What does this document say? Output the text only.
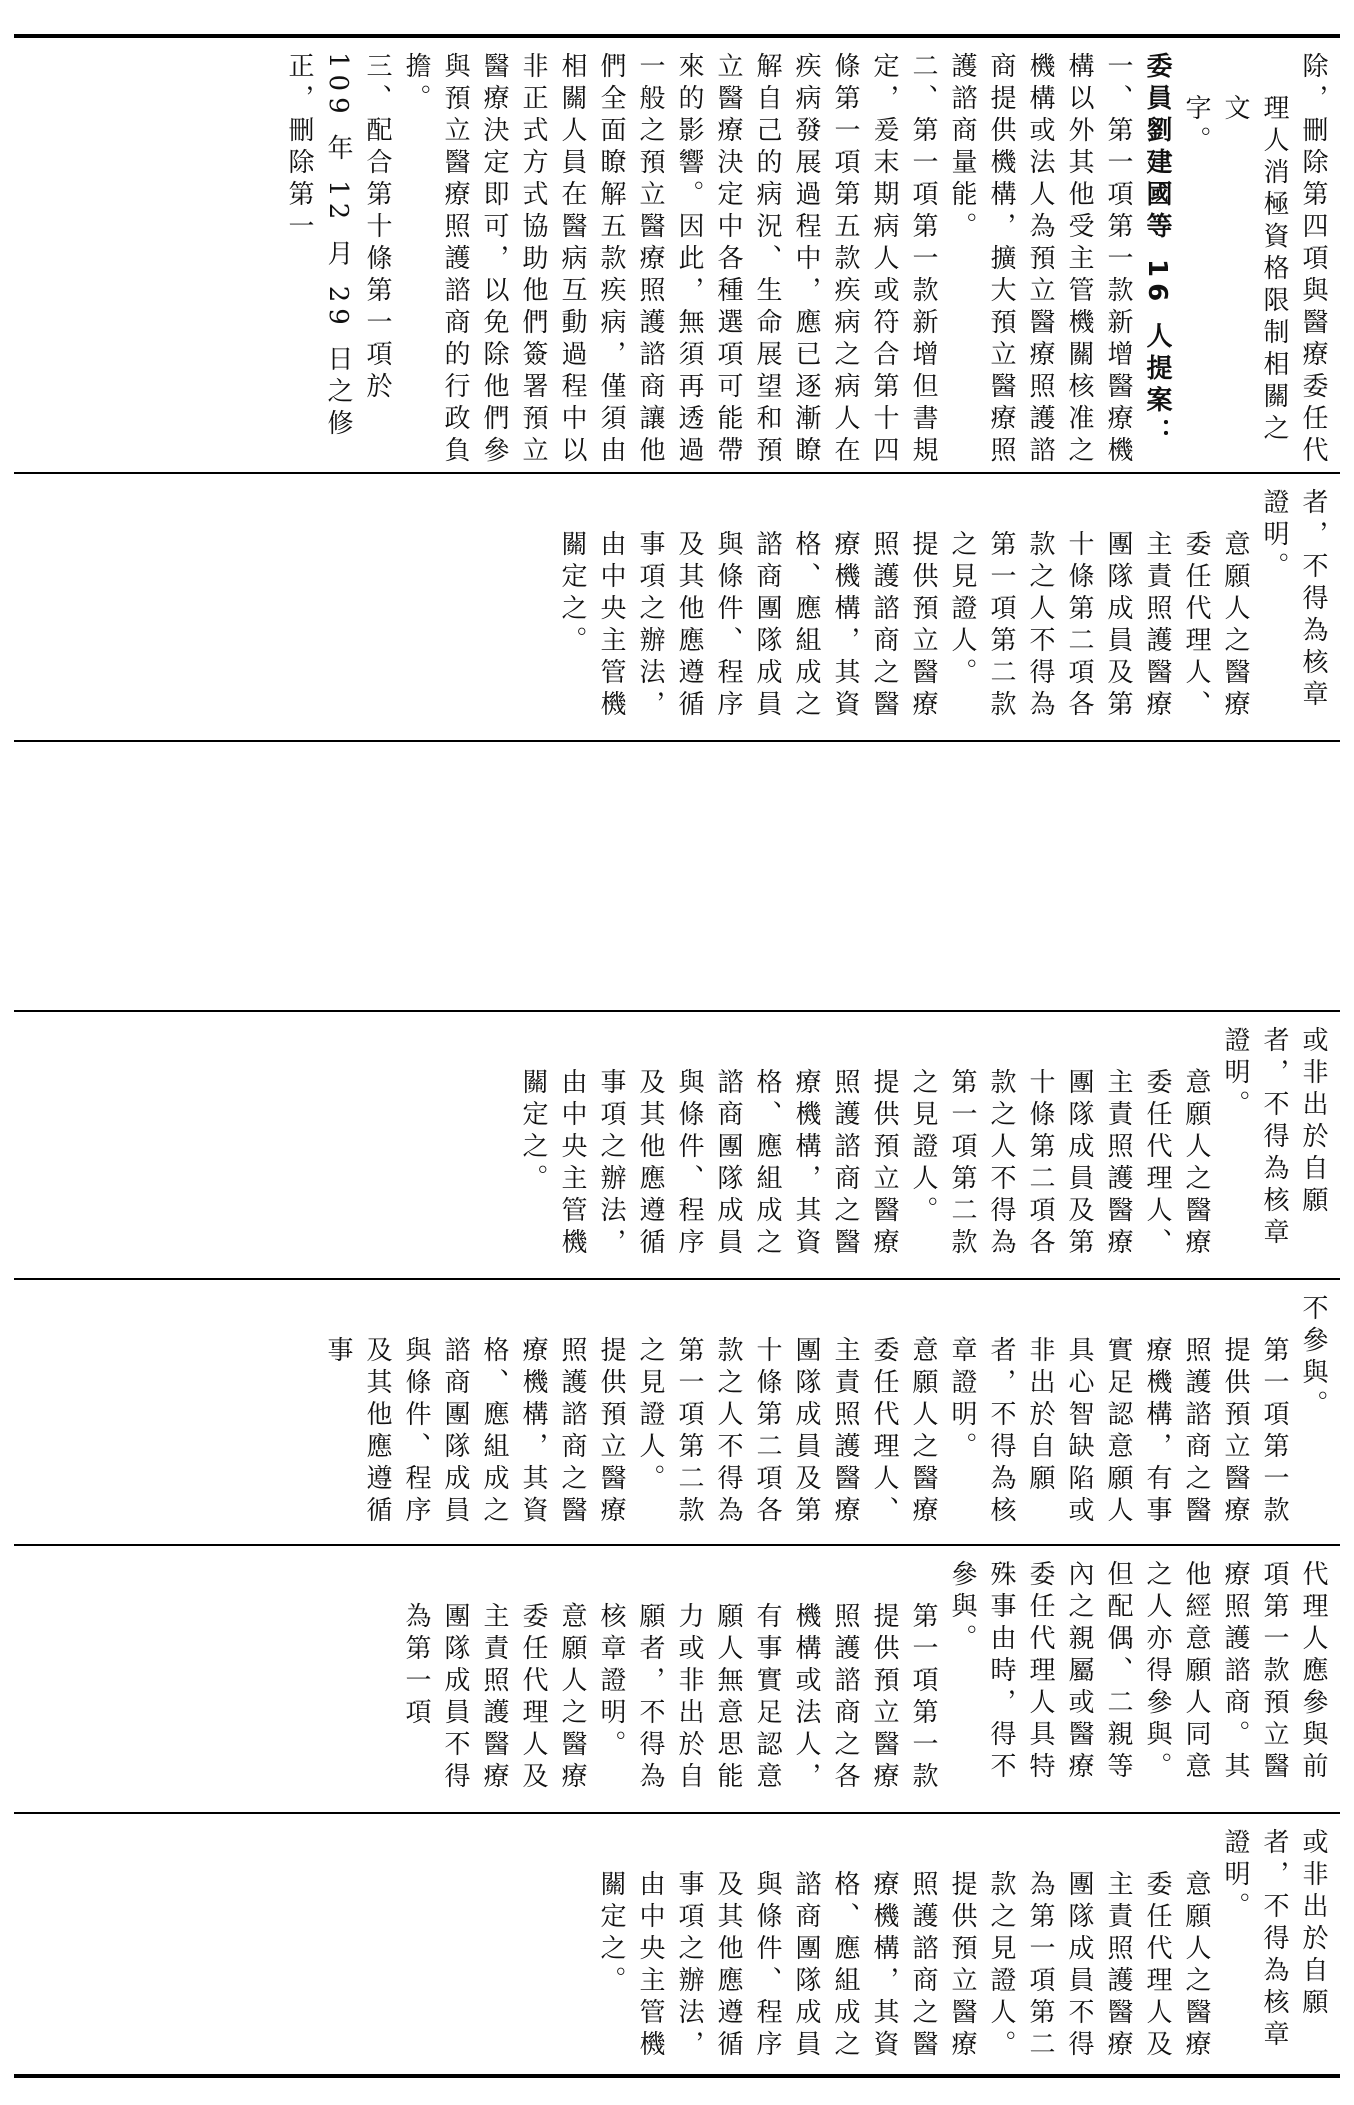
除，刪除第四項與醫療委任代

理人消極資格限制相關之文

字。

委員劉建國等 16 人提案：

一、第一項第一款新增醫療機構以外其他受主管機關核准之機構或法人為預立醫療照護諮商提供機構，擴大預立醫療照護諮商量能。

二、第一項第一款新增但書規定，爰末期病人或符合第十四條第一項第五款疾病之病人在疾病發展過程中，應已逐漸瞭解自己的病況、生命展望和預立醫療決定中各種選項可能帶來的影響。因此，無須再透過一般之預立醫療照護諮商讓他們全面瞭解五款疾病，僅須由相關人員在醫病互動過程中以非正式方式協助他們簽署預立醫療決定即可，以免除他們參與預立醫療照護諮商的行政負擔。

三、配合第十條第一項於 109 年 12 月 29 日之修正，刪除第一

者，不得為核章證明。

意願人之醫療委任代理人、主責照護醫療團隊成員及第十條第二項各款之人不得為第一項第二款之見證人。

提供預立醫療照護諮商之醫療機構，其資格、應組成之諮商團隊成員與條件、程序及其他應遵循事項之辦法，由中央主管機關定之。

或非出於自願者，不得為核章證明。

意願人之醫療委任代理人、主責照護醫療團隊成員及第十條第二項各款之人不得為第一項第二款之見證人。

提供預立醫療照護諮商之醫療機構，其資格、應組成之諮商團隊成員與條件、程序及其他應遵循事項之辦法，由中央主管機關定之。

不參與。

第一項第一款提供預立醫療照護諮商之醫療機構，有事實足認意願人具心智缺陷或非出於自願者，不得為核章證明。

意願人之醫療委任代理人、主責照護醫療團隊成員及第十條第二項各款之人不得為第一項第二款之見證人。

提供預立醫療照護諮商之醫療機構，其資格、應組成之諮商團隊成員與條件、程序及其他應遵循事

代理人應參與前項第一款預立醫療照護諮商。其他經意願人同意之人亦得參與。但配偶、二親等內之親屬或醫療委任代理人具特殊事由時，得不參與。

第一項第一款提供預立醫療照護諮商之各機構或法人，有事實足認意願人無意思能力或非出於自願者，不得為核章證明。

意願人之醫療委任代理人及主責照護醫療團隊成員不得為第一項

或非出於自願者，不得為核章證明。

意願人之醫療委任代理人及主責照護醫療團隊成員不得為第一項第二款之見證人。

提供預立醫療照護諮商之醫療機構，其資格、應組成之諮商團隊成員與條件、程序及其他應遵循事項之辦法，由中央主管機關定之。
